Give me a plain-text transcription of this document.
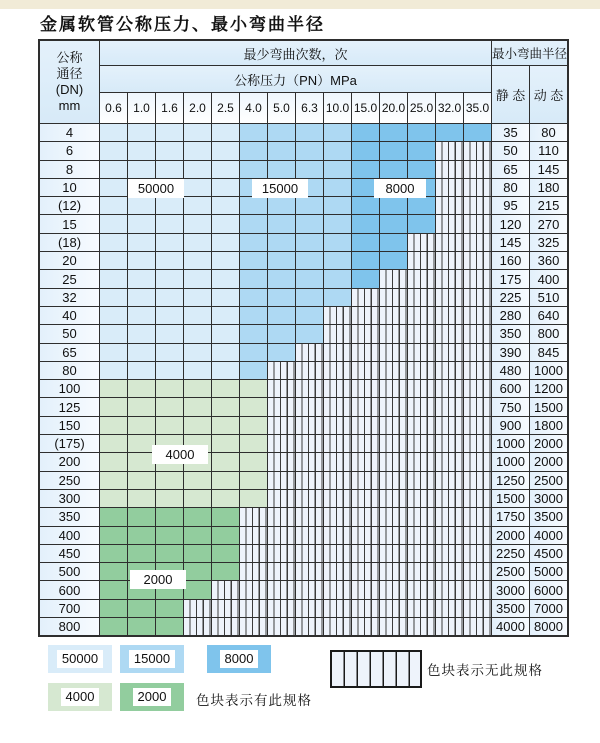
金属软管公称压力、最小弯曲半径
公称
通径
(DN)
mm
最少弯曲次数，次	最小弯曲半径
公称压力（PN）MPa
静 态 动 态
0.6 1.0 1.6 2.0 2.5 4.0 5.0 6.3 10.0 15.0 20.0 25.0 32.0 35.0
4	35	80
6	50	110
8	65	145
10	80	180
(12)	95	215
15	120	270
(18)	145	325
20	160	360
25	175	400
32	225	510
40	280	640
50	350	800
65	390	845
80	480 1000
100	600 1200
125	750 1500
150	900 1800
(175)	1000 2000
200	1000 2000
250	1250 2500
300	1500 3000
350	1750 3500
400	2000 4000
450	2250 4500
500	2500 5000
600	3000 6000
700	3500 7000
800	4000 8000
50000	15000	8000
4000
2000
50000	15000	8000
4000	2000	色块表示有此规格
色块表示无此规格
